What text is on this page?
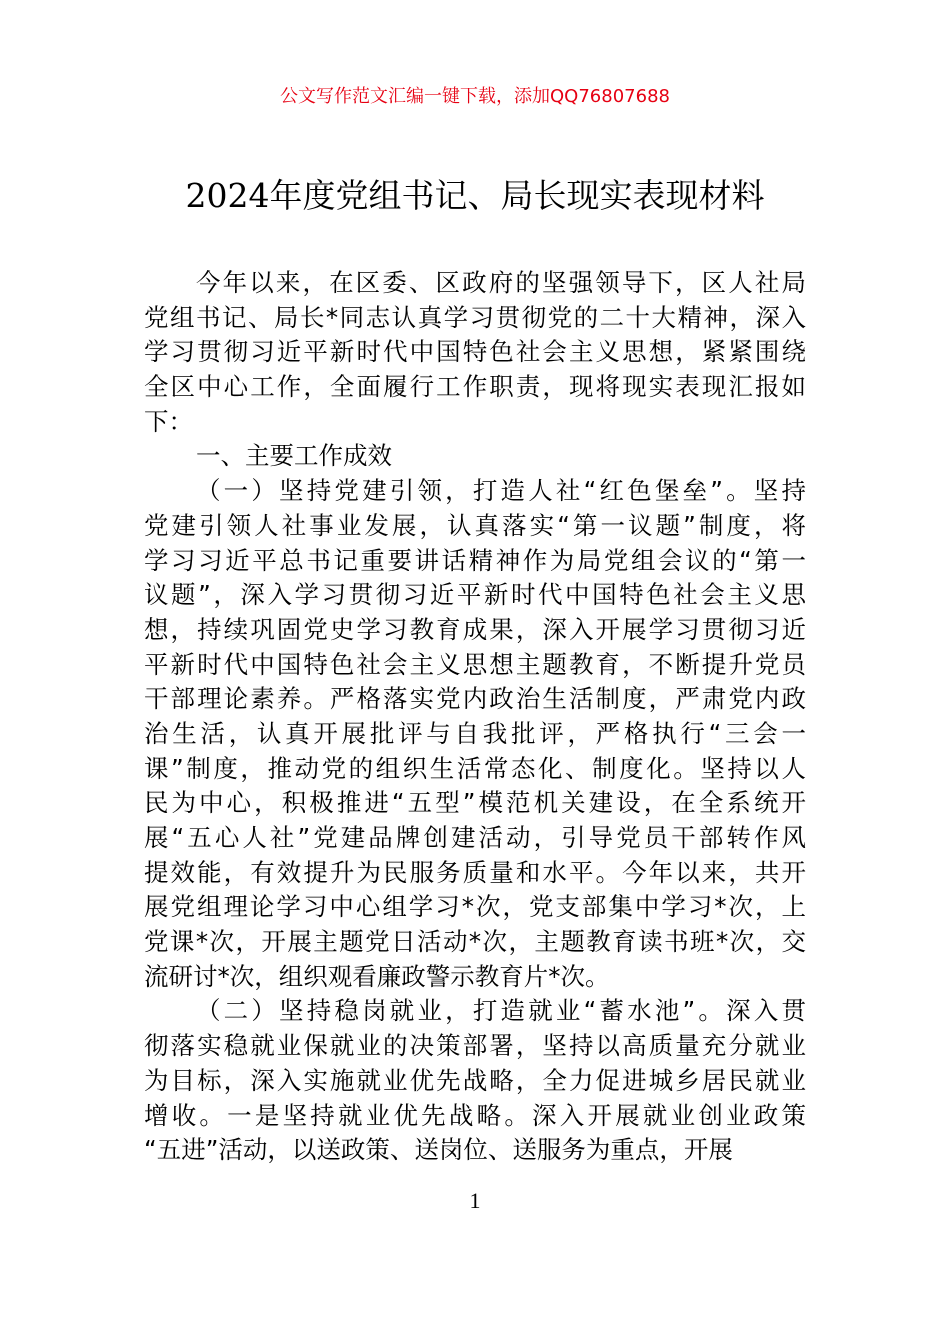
公文写作范文汇编一键下载，添加QQ76807688
2024年度党组书记、局长现实表现材料
今年以来，在区委、区政府的坚强领导下，区人社局
党组书记、局长*同志认真学习贯彻党的二十大精神，深入
学习贯彻习近平新时代中国特色社会主义思想，紧紧围绕
全区中心工作，全面履行工作职责，现将现实表现汇报如
下：
一、主要工作成效
（一）坚持党建引领，打造人社“红色堡垒”。坚持
党建引领人社事业发展，认真落实“第一议题”制度，将
学习习近平总书记重要讲话精神作为局党组会议的“第一
议题”，深入学习贯彻习近平新时代中国特色社会主义思
想，持续巩固党史学习教育成果，深入开展学习贯彻习近
平新时代中国特色社会主义思想主题教育，不断提升党员
干部理论素养。严格落实党内政治生活制度，严肃党内政
治生活，认真开展批评与自我批评，严格执行“三会一
课”制度，推动党的组织生活常态化、制度化。坚持以人
民为中心，积极推进“五型”模范机关建设，在全系统开
展“五心人社”党建品牌创建活动，引导党员干部转作风
提效能，有效提升为民服务质量和水平。今年以来，共开
展党组理论学习中心组学习*次，党支部集中学习*次，上
党课*次，开展主题党日活动*次，主题教育读书班*次，交
流研讨*次，组织观看廉政警示教育片*次。
（二）坚持稳岗就业，打造就业“蓄水池”。深入贯
彻落实稳就业保就业的决策部署，坚持以高质量充分就业
为目标，深入实施就业优先战略，全力促进城乡居民就业
增收。一是坚持就业优先战略。深入开展就业创业政策
“五进”活动，以送政策、送岗位、送服务为重点，开展
1
